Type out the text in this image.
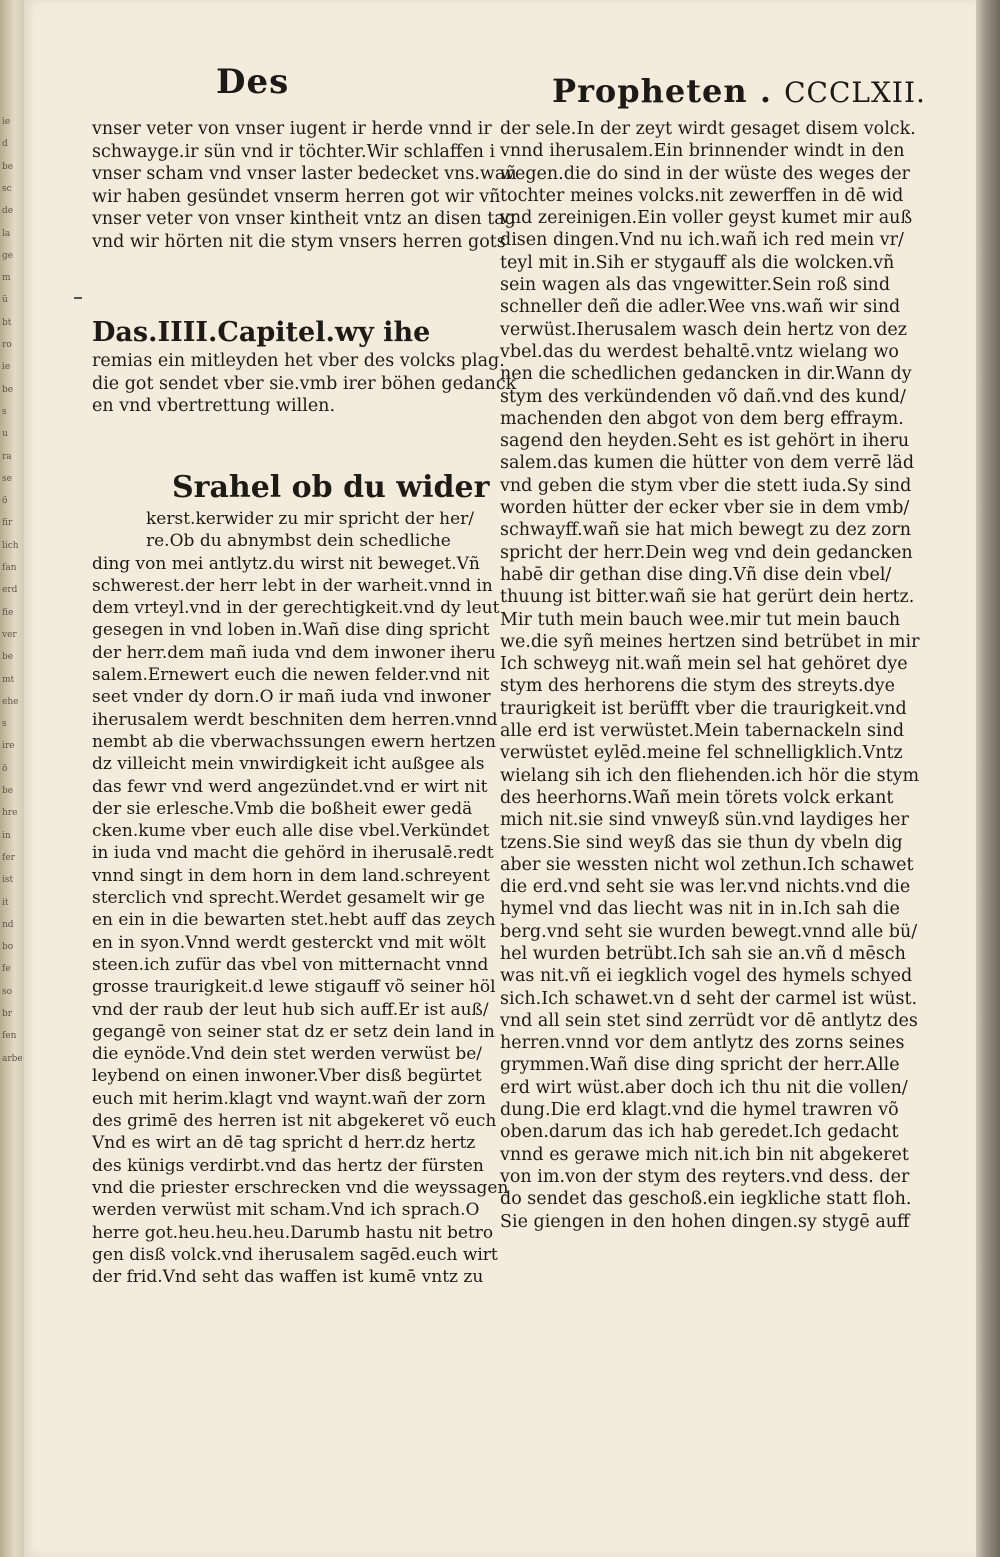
ie
d
be
sc
de
la
ge
m
ü
bt
ro
ie
be
s
u
ra
se
ö
fir
lich
fan
erd
fie
ver
be
mt
ehe
s
ire
ö
be
hre
in
fer
ist
it
nd
bo
fe
so
br
fen
arbe
Des	Propheten . CCCLXII.
vnser veter von vnser iugent ir herde vnnd ir
schwayge.ir sün vnd ir töchter.Wir schlaffen i
vnser scham vnd vnser laster bedecket vns.wañ
wir haben gesündet vnserm herren got wir vñ
vnser veter von vnser kintheit vntz an disen tag
vnd wir hörten nit die stym vnsers herren gots
Das.IIII.Capitel.wy ihe
remias ein mitleyden het vber des volcks plag.
die got sendet vber sie.vmb irer böhen gedanck
en vnd vbertrettung willen.
Srahel ob du wider
kerst.kerwider zu mir spricht der her/
re.Ob du abnymbst dein schedliche
ding von mei antlytz.du wirst nit beweget.Vñ
schwerest.der herr lebt in der warheit.vnnd in
dem vrteyl.vnd in der gerechtigkeit.vnd dy leut
gesegen in vnd loben in.Wañ dise ding spricht
der herr.dem mañ iuda vnd dem inwoner iheru
salem.Ernewert euch die newen felder.vnd nit
seet vnder dy dorn.O ir mañ iuda vnd inwoner
iherusalem werdt beschniten dem herren.vnnd
nembt ab die vberwachssungen ewern hertzen
dz villeicht mein vnwirdigkeit icht außgee als
das fewr vnd werd angezündet.vnd er wirt nit
der sie erlesche.Vmb die boßheit ewer gedä
cken.kume vber euch alle dise vbel.Verkündet
in iuda vnd macht die gehörd in iherusalē.redt
vnnd singt in dem horn in dem land.schreyent
sterclich vnd sprecht.Werdet gesamelt wir ge
en ein in die bewarten stet.hebt auff das zeych
en in syon.Vnnd werdt gesterckt vnd mit wölt
steen.ich zufür das vbel von mitternacht vnnd
grosse traurigkeit.d lewe stigauff võ seiner höl
vnd der raub der leut hub sich auff.Er ist auß/
gegangē von seiner stat dz er setz dein land in
die eynöde.Vnd dein stet werden verwüst be/
leybend on einen inwoner.Vber disß begürtet
euch mit herim.klagt vnd waynt.wañ der zorn
des grimē des herren ist nit abgekeret võ euch
Vnd es wirt an dē tag spricht d herr.dz hertz
des künigs verdirbt.vnd das hertz der fürsten
vnd die priester erschrecken vnd die weyssagen
werden verwüst mit scham.Vnd ich sprach.O
herre got.heu.heu.heu.Darumb hastu nit betro
gen disß volck.vnd iherusalem sagēd.euch wirt
der frid.Vnd seht das waffen ist kumē vntz zu
der sele.In der zeyt wirdt gesaget disem volck.
vnnd iherusalem.Ein brinnender windt in den
wegen.die do sind in der wüste des weges der
tochter meines volcks.nit zewerffen in dē wid
vnd zereinigen.Ein voller geyst kumet mir auß
disen dingen.Vnd nu ich.wañ ich red mein vr/
teyl mit in.Sih er stygauff als die wolcken.vñ
sein wagen als das vngewitter.Sein roß sind
schneller deñ die adler.Wee vns.wañ wir sind
verwüst.Iherusalem wasch dein hertz von dez
vbel.das du werdest behaltē.vntz wielang wo
nen die schedlichen gedancken in dir.Wann dy
stym des verkündenden võ dañ.vnd des kund/
machenden den abgot von dem berg effraym.
sagend den heyden.Seht es ist gehört in iheru
salem.das kumen die hütter von dem verrē läd
vnd geben die stym vber die stett iuda.Sy sind
worden hütter der ecker vber sie in dem vmb/
schwayff.wañ sie hat mich bewegt zu dez zorn
spricht der herr.Dein weg vnd dein gedancken
habē dir gethan dise ding.Vñ dise dein vbel/
thuung ist bitter.wañ sie hat gerürt dein hertz.
Mir tuth mein bauch wee.mir tut mein bauch
we.die syñ meines hertzen sind betrübet in mir
Ich schweyg nit.wañ mein sel hat gehöret dye
stym des herhorens die stym des streyts.dye
traurigkeit ist berüfft vber die traurigkeit.vnd
alle erd ist verwüstet.Mein tabernackeln sind
verwüstet eylēd.meine fel schnelligklich.Vntz
wielang sih ich den fliehenden.ich hör die stym
des heerhorns.Wañ mein törets volck erkant
mich nit.sie sind vnweyß sün.vnd laydiges her
tzens.Sie sind weyß das sie thun dy vbeln dig
aber sie wessten nicht wol zethun.Ich schawet
die erd.vnd seht sie was ler.vnd nichts.vnd die
hymel vnd das liecht was nit in in.Ich sah die
berg.vnd seht sie wurden bewegt.vnnd alle bü/
hel wurden betrübt.Ich sah sie an.vñ d mēsch
was nit.vñ ei iegklich vogel des hymels schyed
sich.Ich schawet.vn d seht der carmel ist wüst.
vnd all sein stet sind zerrüdt vor dē antlytz des
herren.vnnd vor dem antlytz des zorns seines
grymmen.Wañ dise ding spricht der herr.Alle
erd wirt wüst.aber doch ich thu nit die vollen/
dung.Die erd klagt.vnd die hymel trawren võ
oben.darum das ich hab geredet.Ich gedacht
vnnd es gerawe mich nit.ich bin nit abgekeret
von im.von der stym des reyters.vnd dess. der
do sendet das geschoß.ein iegkliche statt floh.
Sie giengen in den hohen dingen.sy stygē auff
